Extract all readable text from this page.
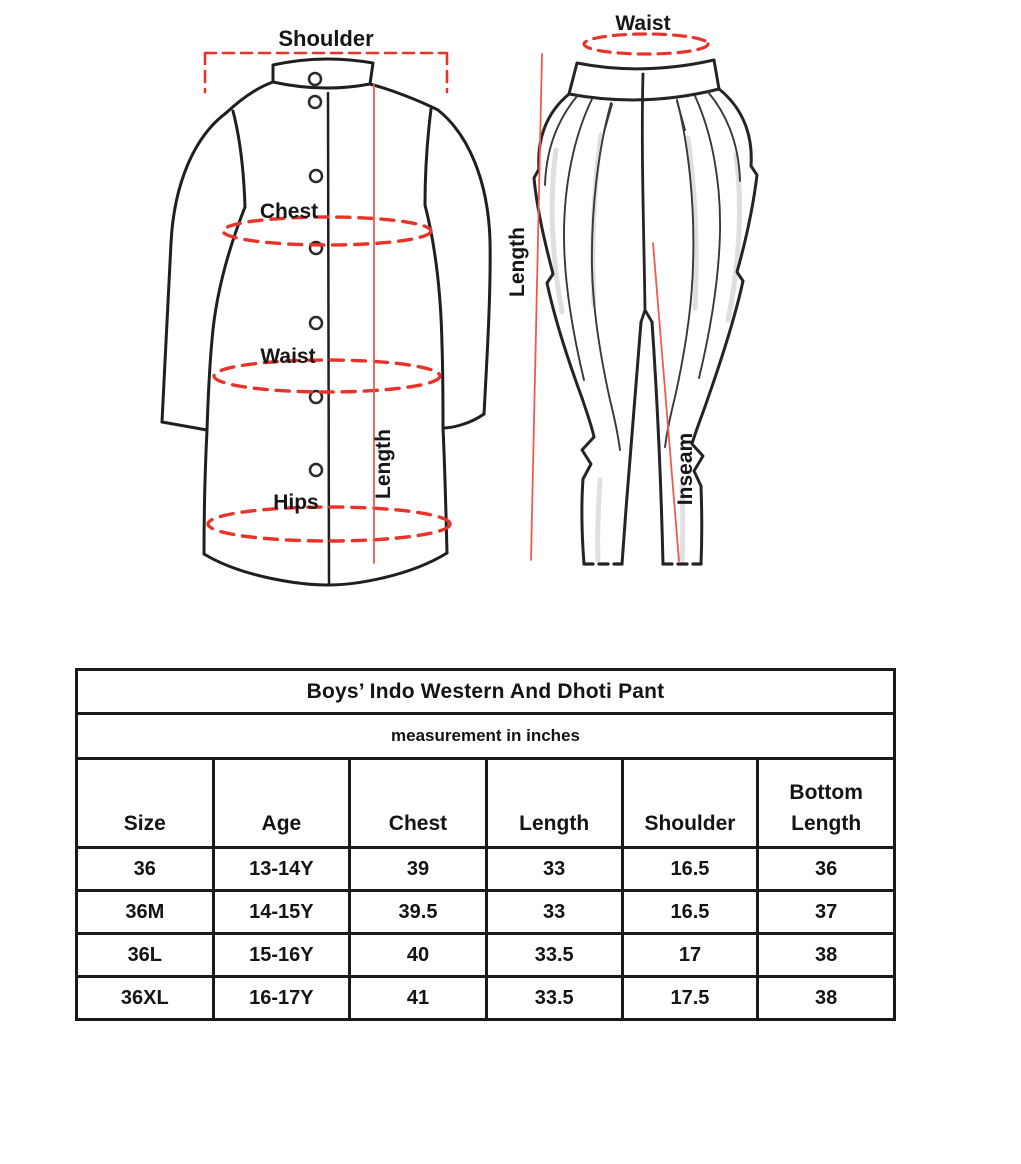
Shoulder
Chest
Waist
Hips
Length
Waist
Length
Inseam
Boys’ Indo Western And Dhoti Pant					
measurement in inches					
Size	Age	Chest	Length	Shoulder	Bottom Length
36	13-14Y	39	33	16.5	36
36M	14-15Y	39.5	33	16.5	37
36L	15-16Y	40	33.5	17	38
36XL	16-17Y	41	33.5	17.5	38
